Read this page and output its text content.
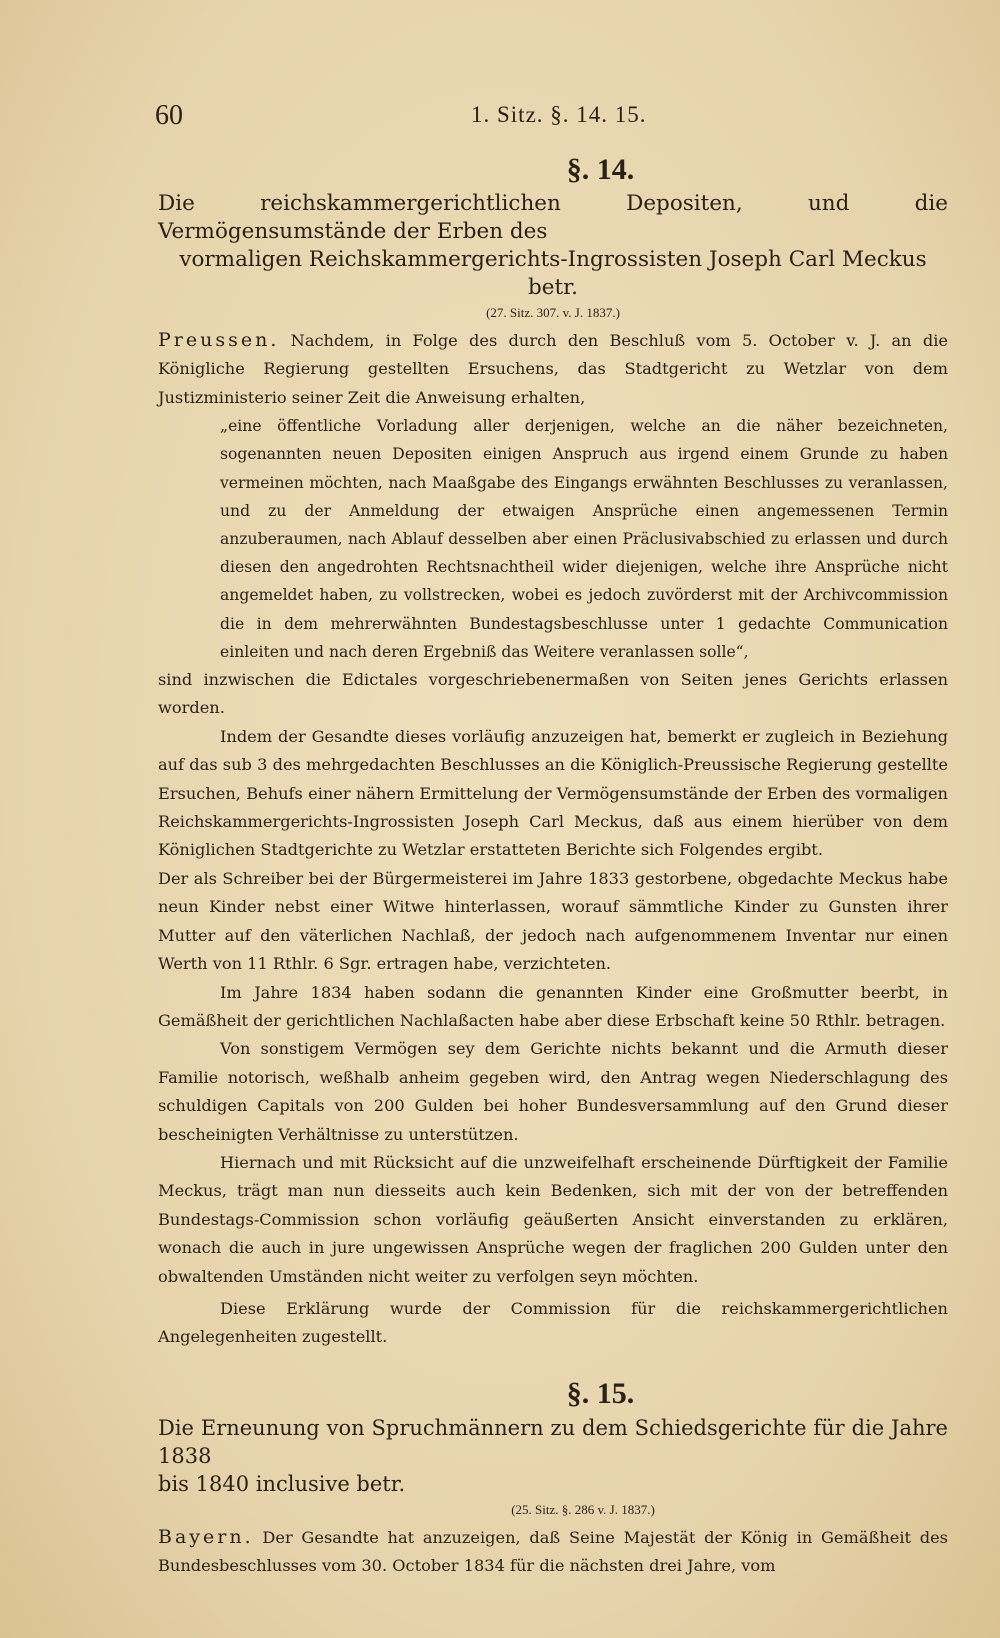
60	1. Sitz. §. 14. 15.
§. 14.
Die reichskammergerichtlichen Depositen, und die Vermögensumstände der Erben des

vormaligen Reichskammergerichts-Ingrossisten Joseph Carl Meckus betr.
(27. Sitz. 307. v. J. 1837.)

Preussen. Nachdem, in Folge des durch den Beschluß vom 5. October v. J. an die Königliche Regierung gestellten Ersuchens, das Stadtgericht zu Wetzlar von dem Justizministerio seiner Zeit die Anweisung erhalten,

„eine öffentliche Vorladung aller derjenigen, welche an die näher bezeichneten, sogenannten neuen Depositen einigen Anspruch aus irgend einem Grunde zu haben vermeinen möchten, nach Maaßgabe des Eingangs erwähnten Beschlusses zu veranlassen, und zu der Anmeldung der etwaigen Ansprüche einen angemessenen Termin anzuberaumen, nach Ablauf desselben aber einen Präclusivabschied zu erlassen und durch diesen den angedrohten Rechtsnachtheil wider diejenigen, welche ihre Ansprüche nicht angemeldet haben, zu vollstrecken, wobei es jedoch zuvörderst mit der Archivcommission die in dem mehrerwähnten Bundestagsbeschlusse unter 1 gedachte Communication einleiten und nach deren Ergebniß das Weitere veranlassen solle“,

sind inzwischen die Edictales vorgeschriebenermaßen von Seiten jenes Gerichts erlassen worden.

Indem der Gesandte dieses vorläufig anzuzeigen hat, bemerkt er zugleich in Beziehung auf das sub 3 des mehrgedachten Beschlusses an die Königlich-Preussische Regierung gestellte Ersuchen, Behufs einer nähern Ermittelung der Vermögensumstände der Erben des vormaligen Reichskammergerichts-Ingrossisten Joseph Carl Meckus, daß aus einem hierüber von dem Königlichen Stadtgerichte zu Wetzlar erstatteten Berichte sich Folgendes ergibt.

Der als Schreiber bei der Bürgermeisterei im Jahre 1833 gestorbene, obgedachte Meckus habe neun Kinder nebst einer Witwe hinterlassen, worauf sämmtliche Kinder zu Gunsten ihrer Mutter auf den väterlichen Nachlaß, der jedoch nach aufgenommenem Inventar nur einen Werth von 11 Rthlr. 6 Sgr. ertragen habe, verzichteten.

Im Jahre 1834 haben sodann die genannten Kinder eine Großmutter beerbt, in Gemäßheit der gerichtlichen Nachlaßacten habe aber diese Erbschaft keine 50 Rthlr. betragen.

Von sonstigem Vermögen sey dem Gerichte nichts bekannt und die Armuth dieser Familie notorisch, weßhalb anheim gegeben wird, den Antrag wegen Niederschlagung des schuldigen Capitals von 200 Gulden bei hoher Bundesversammlung auf den Grund dieser bescheinigten Verhältnisse zu unterstützen.

Hiernach und mit Rücksicht auf die unzweifelhaft erscheinende Dürftigkeit der Familie Meckus, trägt man nun diesseits auch kein Bedenken, sich mit der von der betreffenden Bundestags-Commission schon vorläufig geäußerten Ansicht einverstanden zu erklären, wonach die auch in jure ungewissen Ansprüche wegen der fraglichen 200 Gulden unter den obwaltenden Umständen nicht weiter zu verfolgen seyn möchten.

Diese Erklärung wurde der Commission für die reichskammergerichtlichen Angelegenheiten zugestellt.

§. 15.
Die Erneunung von Spruchmännern zu dem Schiedsgerichte für die Jahre 1838
bis 1840 inclusive betr.
(25. Sitz. §. 286 v. J. 1837.)

Bayern. Der Gesandte hat anzuzeigen, daß Seine Majestät der König in Gemäßheit des Bundesbeschlusses vom 30. October 1834 für die nächsten drei Jahre, vom
